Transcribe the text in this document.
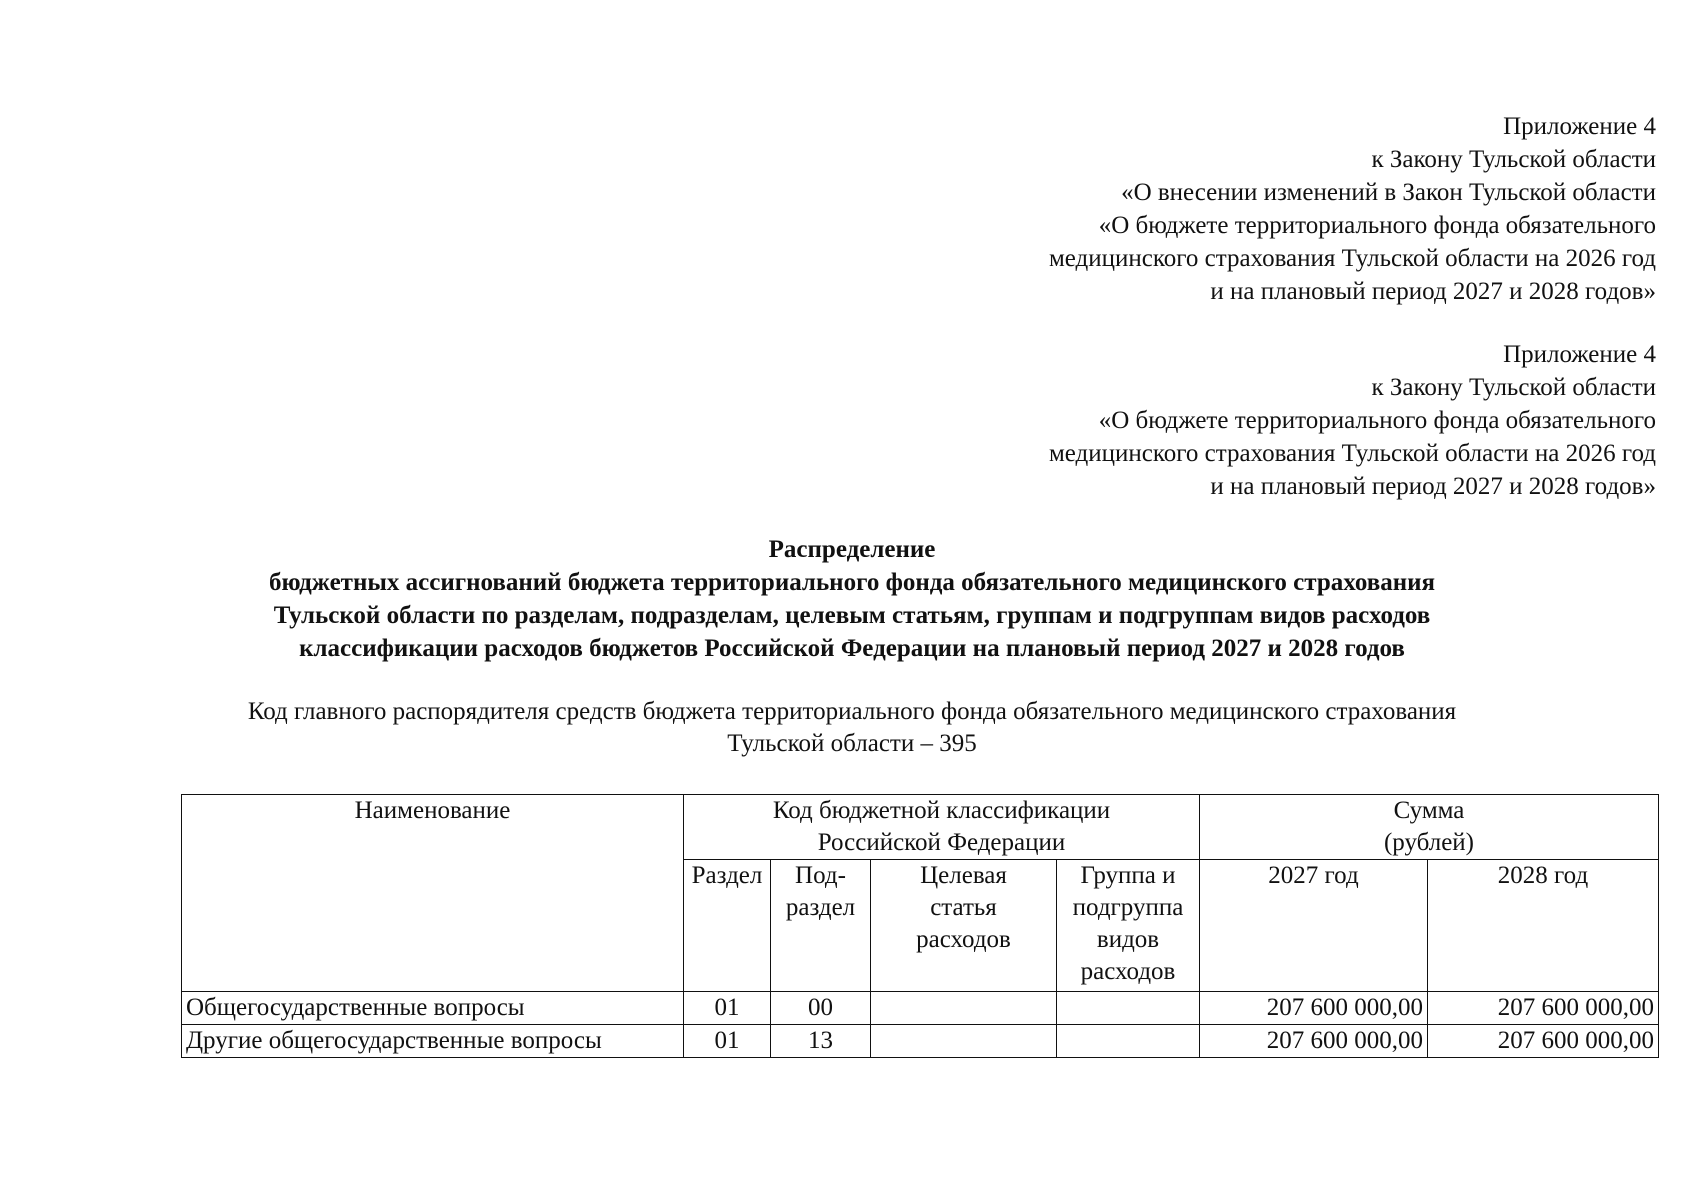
Приложение 4
к Закону Тульской области
«О внесении изменений в Закон Тульской области
«О бюджете территориального фонда обязательного
медицинского страхования Тульской области на 2026 год
и на плановый период 2027 и 2028 годов»
Приложение 4
к Закону Тульской области
«О бюджете территориального фонда обязательного
медицинского страхования Тульской области на 2026 год
и на плановый период 2027 и 2028 годов»
Распределение
бюджетных ассигнований бюджета территориального фонда обязательного медицинского страхования
Тульской области по разделам, подразделам, целевым статьям, группам и подгруппам видов расходов
классификации расходов бюджетов Российской Федерации на плановый период 2027 и 2028 годов
Код главного распорядителя средств бюджета территориального фонда обязательного медицинского страхования
Тульской области – 395
Наименование	Код бюджетной классификации Российской Федерации				Сумма (рублей)	

	Раздел	Под-раздел	Целевая статья расходов	Группа и подгруппа видов расходов	2027 год	2028 год
Общегосударственные вопросы	01	00			207 600 000,00	207 600 000,00
Другие общегосударственные вопросы	01	13			207 600 000,00	207 600 000,00
